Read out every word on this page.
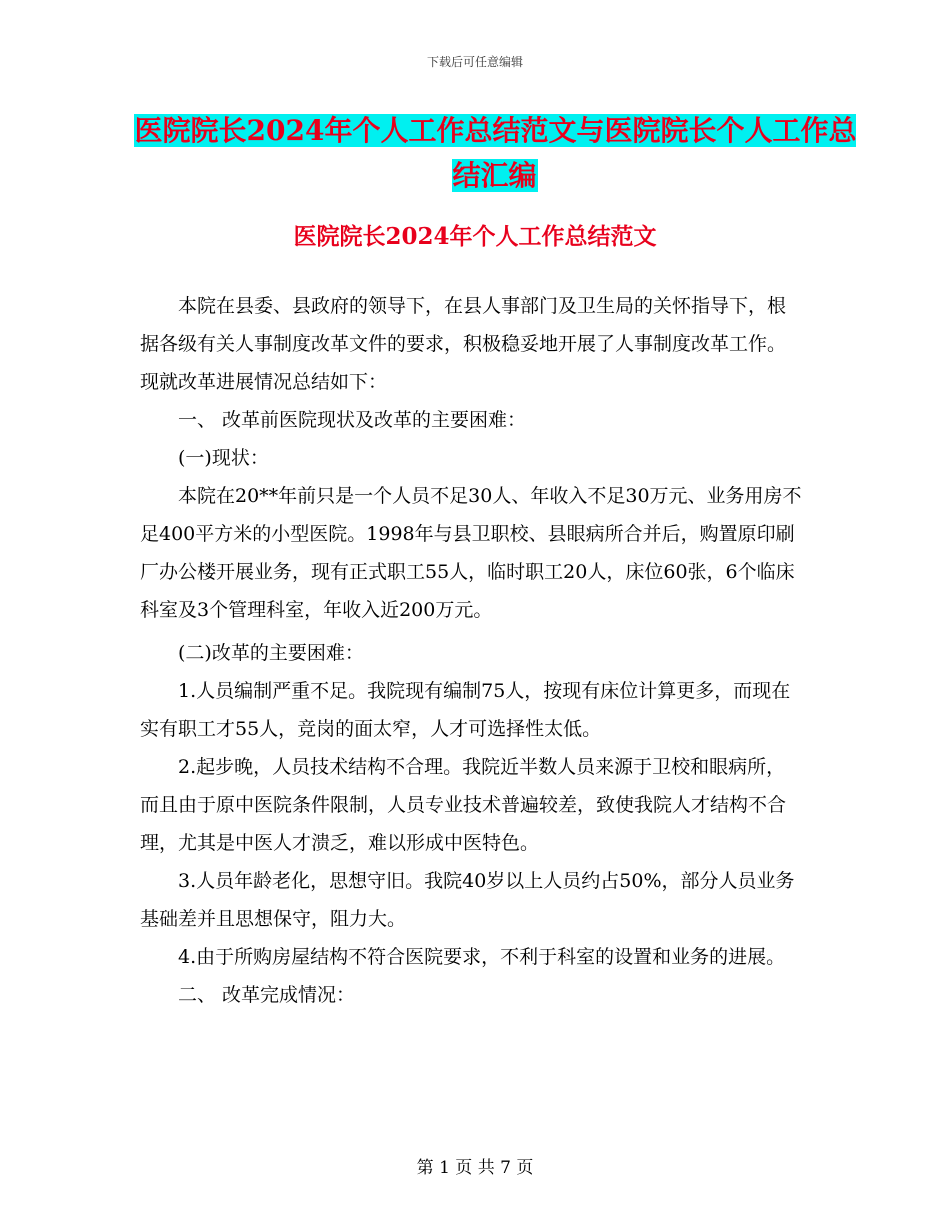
下载后可任意编辑
医院院长2024年个人工作总结范文与医院院长个人工作总结汇编
医院院长2024年个人工作总结范文

本院在县委、县政府的领导下，在县人事部门及卫生局的关怀指导下，根据各级有关人事制度改革文件的要求，积极稳妥地开展了人事制度改革工作。现就改革进展情况总结如下：

一、 改革前医院现状及改革的主要困难：

(一)现状：

本院在20**年前只是一个人员不足30人、年收入不足30万元、业务用房不足400平方米的小型医院。1998年与县卫职校、县眼病所合并后，购置原印刷厂办公楼开展业务，现有正式职工55人，临时职工20人，床位60张，6个临床科室及3个管理科室，年收入近200万元。

(二)改革的主要困难：

1.人员编制严重不足。我院现有编制75人，按现有床位计算更多，而现在实有职工才55人，竞岗的面太窄，人才可选择性太低。

2.起步晚，人员技术结构不合理。我院近半数人员来源于卫校和眼病所，而且由于原中医院条件限制，人员专业技术普遍较差，致使我院人才结构不合理，尤其是中医人才溃乏，难以形成中医特色。

3.人员年龄老化，思想守旧。我院40岁以上人员约占50%，部分人员业务基础差并且思想保守，阻力大。

4.由于所购房屋结构不符合医院要求，不利于科室的设置和业务的进展。

二、 改革完成情况：

第 1 页 共 7 页
